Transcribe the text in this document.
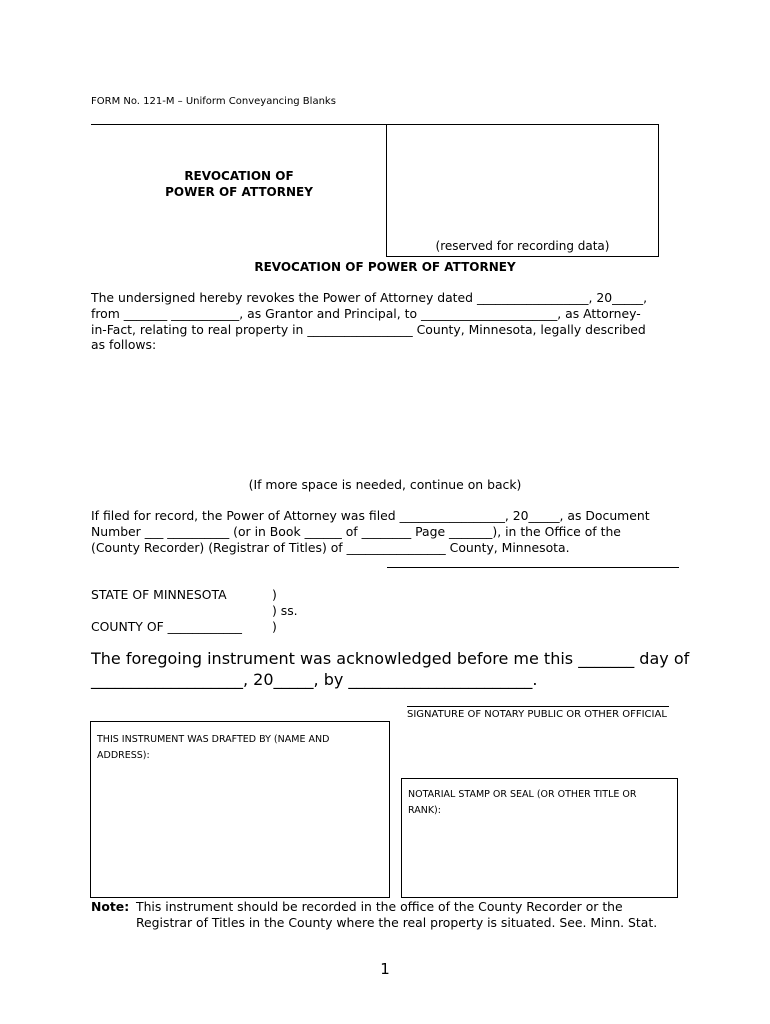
FORM No. 121-M – Uniform Conveyancing Blanks
(reserved for recording data)
REVOCATION OF
POWER OF ATTORNEY
REVOCATION OF POWER OF ATTORNEY
The undersigned hereby revokes the Power of Attorney dated __________________, 20_____,
from _______ ___________, as Grantor and Principal, to ______________________, as Attorney-
in-Fact, relating to real property in _________________ County, Minnesota, legally described
as follows:
(If more space is needed, continue on back)
If filed for record, the Power of Attorney was filed _________________, 20_____, as Document
Number ___ __________ (or in Book ______ of ________ Page _______), in the Office of the
(County Recorder) (Registrar of Titles) of ________________ County, Minnesota.
STATE OF MINNESOTA	)
) ss.
COUNTY OF ____________ )
The foregoing instrument was acknowledged before me this _______ day of
___________________, 20_____, by _______________________.
SIGNATURE OF NOTARY PUBLIC OR OTHER OFFICIAL
THIS INSTRUMENT WAS DRAFTED BY (NAME AND
ADDRESS):
NOTARIAL STAMP OR SEAL (OR OTHER TITLE OR
RANK):
Note: This instrument should be recorded in the office of the County Recorder or the
Registrar of Titles in the County where the real property is situated. See. Minn. Stat.
1
